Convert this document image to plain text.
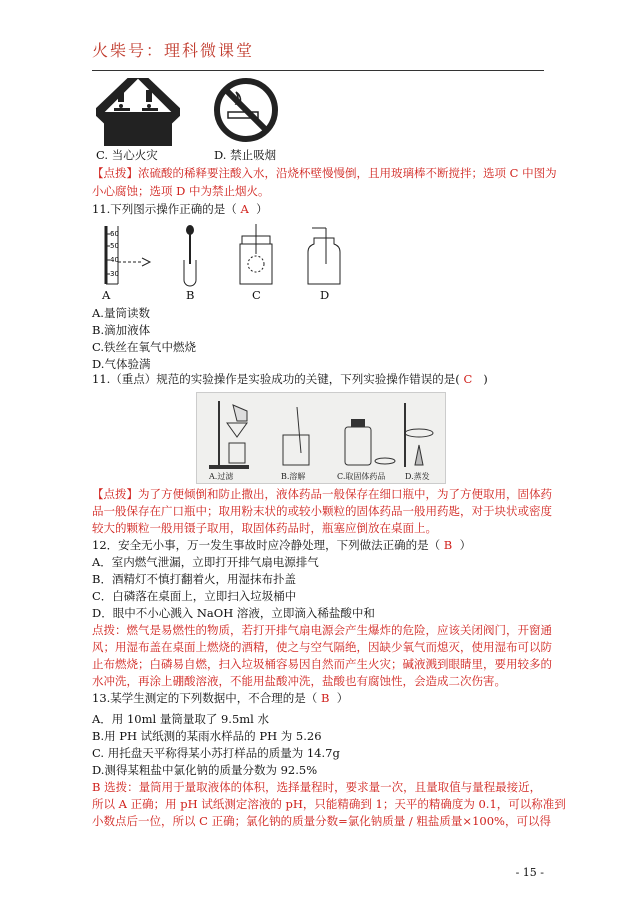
火柴号：理科微课堂
C. 当心火灾	D. 禁止吸烟
【点拨】浓硫酸的稀释要注酸入水，沿烧杯壁慢慢倒，且用玻璃棒不断搅拌；选项 C 中图为
小心腐蚀；选项 D 中为禁止烟火。
11.下列图示操作正确的是（ A ）
60
50
40
30
A	B	C	D
A.量筒读数
B.滴加液体
C.铁丝在氧气中燃烧
D.气体验满
11.（重点）规范的实验操作是实验成功的关键，下列实验操作错误的是( C )
A.过滤	B.溶解	C.取固体药品 D.蒸发
【点拨】为了方便倾倒和防止撒出，液体药品一般保存在细口瓶中，为了方便取用，固体药
品一般保存在广口瓶中；取用粉末状的或较小颗粒的固体药品一般用药匙，对于块状或密度
较大的颗粒一般用镊子取用，取固体药品时，瓶塞应倒放在桌面上。
12．安全无小事，万一发生事故时应冷静处理，下列做法正确的是（ B ）
A．室内燃气泄漏，立即打开排气扇电源排气
B．酒精灯不慎打翻着火，用湿抹布扑盖
C．白磷落在桌面上，立即扫入垃圾桶中
D．眼中不小心溅入 NaOH 溶液，立即滴入稀盐酸中和
点拨：燃气是易燃性的物质，若打开排气扇电源会产生爆炸的危险，应该关闭阀门，开窗通
风；用湿布盖在桌面上燃烧的酒精，使之与空气隔绝，因缺少氧气而熄灭，使用湿布可以防
止布燃烧；白磷易自燃，扫入垃圾桶容易因自然而产生火灾；碱液溅到眼睛里，要用较多的
水冲洗，再涂上硼酸溶液，不能用盐酸冲洗，盐酸也有腐蚀性，会造成二次伤害。
13.某学生测定的下列数据中，不合理的是（ B ）
A．用 10ml 量筒量取了 9.5ml 水
B.用 PH 试纸测的某雨水样品的 PH 为 5.26
C. 用托盘天平称得某小苏打样品的质量为 14.7g
D.测得某粗盐中氯化钠的质量分数为 92.5%
B 选拨：量筒用于量取液体的体积，选择量程时，要求量一次，且量取值与量程最接近，
所以 A 正确；用 pH 试纸测定溶液的 pH，只能精确到 1；天平的精确度为 0.1，可以称准到
小数点后一位，所以 C 正确；氯化钠的质量分数=氯化钠质量 / 粗盐质量×100%，可以得
- 15 -
